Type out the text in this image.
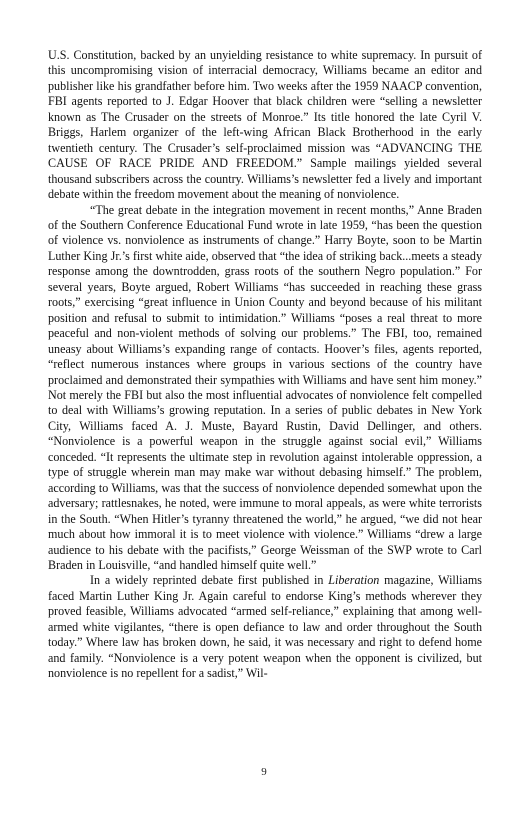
U.S. Constitution, backed by an unyielding resistance to white supremacy. In pursuit of this uncompromising vision of interracial democracy, Williams became an editor and publisher like his grandfather before him. Two weeks after the 1959 NAACP convention, FBI agents reported to J. Edgar Hoover that black children were “selling a newsletter known as The Crusader on the streets of Monroe.” Its title honored the late Cyril V. Briggs, Harlem organizer of the left-wing African Black Brotherhood in the early twentieth century. The Crusader’s self-proclaimed mission was “ADVANCING THE CAUSE OF RACE PRIDE AND FREEDOM.” Sample mailings yielded several thousand subscribers across the country. Williams’s newsletter fed a lively and important debate within the freedom movement about the meaning of nonviolence.

“The great debate in the integration movement in recent months,” Anne Braden of the Southern Conference Educational Fund wrote in late 1959, “has been the question of violence vs. nonviolence as instruments of change.” Harry Boyte, soon to be Martin Luther King Jr.’s first white aide, observed that “the idea of striking back...meets a steady response among the downtrodden, grass roots of the southern Negro population.” For several years, Boyte argued, Robert Williams “has succeeded in reaching these grass roots,” exercising “great influence in Union County and beyond because of his militant position and refusal to submit to intimidation.” Williams “poses a real threat to more peaceful and non-violent methods of solving our problems.” The FBI, too, remained uneasy about Williams’s expanding range of contacts. Hoover’s files, agents reported, “reflect numerous instances where groups in various sections of the country have proclaimed and demonstrated their sympathies with Williams and have sent him money.” Not merely the FBI but also the most influential advocates of nonviolence felt compelled to deal with Williams’s growing reputation. In a series of public debates in New York City, Williams faced A. J. Muste, Bayard Rustin, David Dellinger, and others. “Nonviolence is a powerful weapon in the struggle against social evil,” Williams conceded. “It represents the ultimate step in revolution against intolerable oppression, a type of struggle wherein man may make war without debasing himself.” The problem, according to Williams, was that the success of nonviolence depended somewhat upon the adversary; rattlesnakes, he noted, were immune to moral appeals, as were white terrorists in the South. “When Hitler’s tyranny threatened the world,” he argued, “we did not hear much about how immoral it is to meet violence with violence.” Williams “drew a large audience to his debate with the pacifists,” George Weissman of the SWP wrote to Carl Braden in Louisville, “and handled himself quite well.”

In a widely reprinted debate first published in Liberation magazine, Williams faced Martin Luther King Jr. Again careful to endorse King’s methods wherever they proved feasible, Williams advocated “armed self-reliance,” explaining that among well-armed white vigilantes, “there is open defiance to law and order throughout the South today.” Where law has broken down, he said, it was necessary and right to defend home and family. “Nonviolence is a very potent weapon when the opponent is civilized, but nonviolence is no repellent for a sadist,” Wil-

9
